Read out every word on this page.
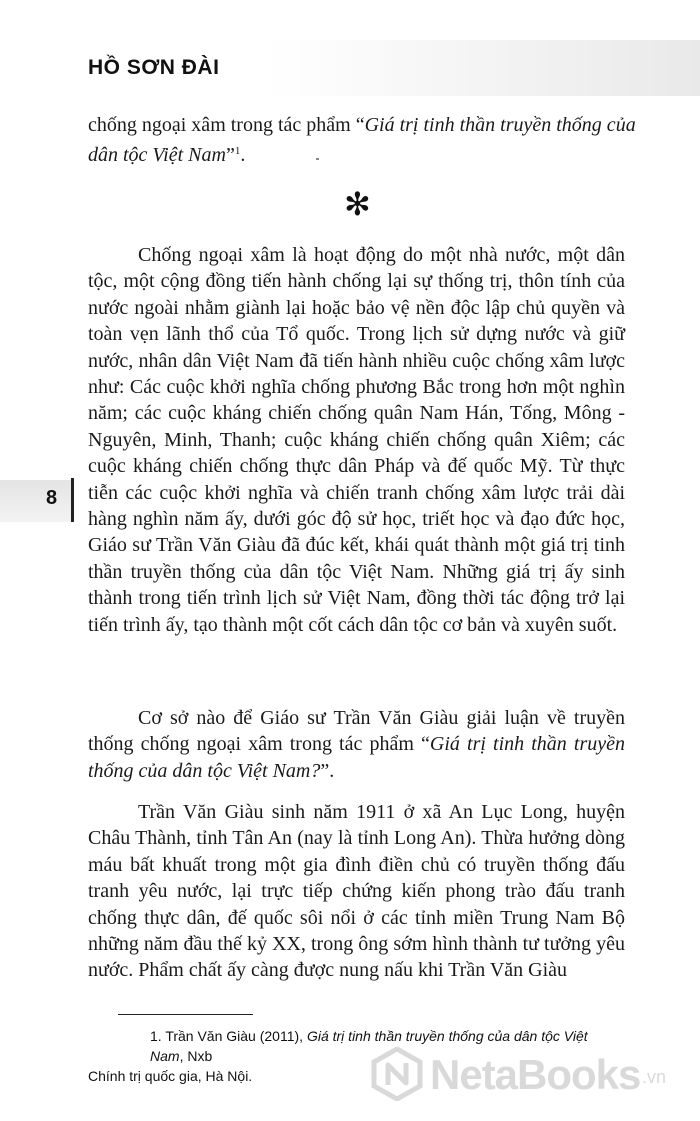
HỒ SƠN ĐÀI
8
chống ngoại xâm trong tác phẩm “Giá trị tinh thần truyền thống của
dân tộc Việt Nam”$^1$.
✻

Chống ngoại xâm là hoạt động do một nhà nước, một dân tộc, một cộng đồng tiến hành chống lại sự thống trị, thôn tính của nước ngoài nhằm giành lại hoặc bảo vệ nền độc lập chủ quyền và toàn vẹn lãnh thổ của Tổ quốc. Trong lịch sử dựng nước và giữ nước, nhân dân Việt Nam đã tiến hành nhiều cuộc chống xâm lược như: Các cuộc khởi nghĩa chống phương Bắc trong hơn một nghìn năm; các cuộc kháng chiến chống quân Nam Hán, Tống, Mông - Nguyên, Minh, Thanh; cuộc kháng chiến chống quân Xiêm; các cuộc kháng chiến chống thực dân Pháp và đế quốc Mỹ. Từ thực tiễn các cuộc khởi nghĩa và chiến tranh chống xâm lược trải dài hàng nghìn năm ấy, dưới góc độ sử học, triết học và đạo đức học, Giáo sư Trần Văn Giàu đã đúc kết, khái quát thành một giá trị tinh thần truyền thống của dân tộc Việt Nam. Những giá trị ấy sinh thành trong tiến trình lịch sử Việt Nam, đồng thời tác động trở lại tiến trình ấy, tạo thành một cốt cách dân tộc cơ bản và xuyên suốt.

Cơ sở nào để Giáo sư Trần Văn Giàu giải luận về truyền thống chống ngoại xâm trong tác phẩm “Giá trị tinh thần truyền thống của dân tộc Việt Nam?”.

Trần Văn Giàu sinh năm 1911 ở xã An Lục Long, huyện Châu Thành, tỉnh Tân An (nay là tỉnh Long An). Thừa hưởng dòng máu bất khuất trong một gia đình điền chủ có truyền thống đấu tranh yêu nước, lại trực tiếp chứng kiến phong trào đấu tranh chống thực dân, đế quốc sôi nổi ở các tỉnh miền Trung Nam Bộ những năm đầu thế kỷ XX, trong ông sớm hình thành tư tưởng yêu nước. Phẩm chất ấy càng được nung nấu khi Trần Văn Giàu

1. Trần Văn Giàu (2011), Giá trị tinh thần truyền thống của dân tộc Việt Nam, Nxb
Chính trị quốc gia, Hà Nội.	NetaBooks .vn
